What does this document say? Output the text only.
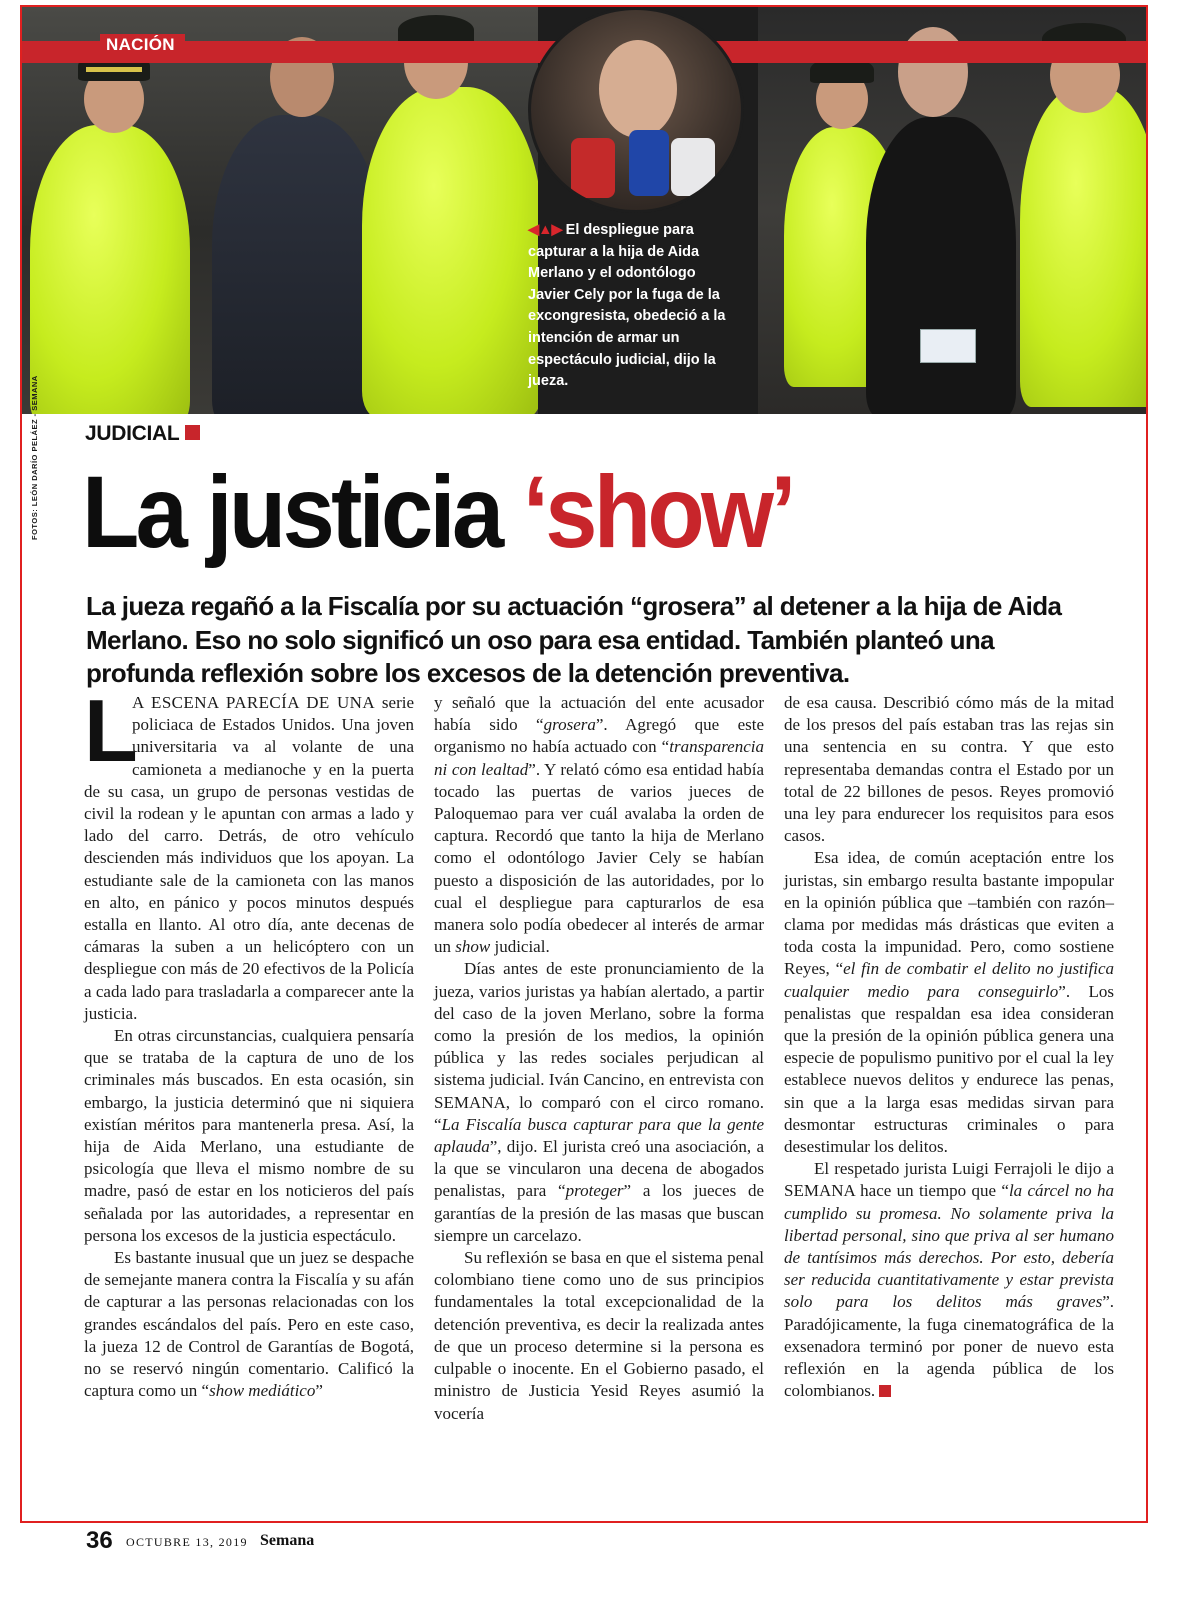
NACIÓN
◀▲▶ El despliegue para capturar a la hija de Aida Merlano y el odontólogo Javier Cely por la fuga de la excongresista, obedeció a la intención de armar un espectáculo judicial, dijo la jueza.
FOTOS: LEÓN DARÍO PELÁEZ - SEMANA JUDICIAL
La justicia ‘show’
La jueza regañó a la Fiscalía por su actuación “grosera” al detener a la hija de Aida Merlano. Eso no solo significó un oso para esa entidad. También planteó una profunda reflexión sobre los excesos de la detención preventiva.

L
A ESCENA PARECÍA DE UNA serie policiaca de Estados Unidos. Una joven universitaria va al volante de una camioneta a medianoche y en la puerta de su casa, un grupo de personas vestidas de civil la rodean y le apuntan con armas a lado y lado del carro. Detrás, de otro vehículo descienden más individuos que los apoyan. La estudiante sale de la camioneta con las manos en alto, en pánico y pocos minutos después estalla en llanto. Al otro día, ante decenas de cámaras la suben a un helicóptero con un despliegue con más de 20 efectivos de la Policía a cada lado para trasladarla a comparecer ante la justicia.

En otras circunstancias, cualquiera pensaría que se trataba de la captura de uno de los criminales más buscados. En esta ocasión, sin embargo, la justicia determinó que ni siquiera existían méritos para mantenerla presa. Así, la hija de Aida Merlano, una estudiante de psicología que lleva el mismo nombre de su madre, pasó de estar en los noticieros del país señalada por las autoridades, a representar en persona los excesos de la justicia espectáculo.

Es bastante inusual que un juez se despache de semejante manera contra la Fiscalía y su afán de capturar a las personas relacionadas con los grandes escándalos del país. Pero en este caso, la jueza 12 de Control de Garantías de Bogotá, no se reservó ningún comentario. Calificó la captura como un “show mediático”

y señaló que la actuación del ente acusador había sido “grosera”. Agregó que este organismo no había actuado con “transparencia ni con lealtad”. Y relató cómo esa entidad había tocado las puertas de varios jueces de Paloquemao para ver cuál avalaba la orden de captura. Recordó que tanto la hija de Merlano como el odontólogo Javier Cely se habían puesto a disposición de las autoridades, por lo cual el despliegue para capturarlos de esa manera solo podía obedecer al interés de armar un show judicial.

Días antes de este pronunciamiento de la jueza, varios juristas ya habían alertado, a partir del caso de la joven Merlano, sobre la forma como la presión de los medios, la opinión pública y las redes sociales perjudican al sistema judicial. Iván Cancino, en entrevista con SEMANA, lo comparó con el circo romano. “La Fiscalía busca capturar para que la gente aplauda”, dijo. El jurista creó una asociación, a la que se vincularon una decena de abogados penalistas, para “proteger” a los jueces de garantías de la presión de las masas que buscan siempre un carcelazo.

Su reflexión se basa en que el sistema penal colombiano tiene como uno de sus principios fundamentales la total excepcionalidad de la detención preventiva, es decir la realizada antes de que un proceso determine si la persona es culpable o inocente. En el Gobierno pasado, el ministro de Justicia Yesid Reyes asumió la vocería

de esa causa. Describió cómo más de la mitad de los presos del país estaban tras las rejas sin una sentencia en su contra. Y que esto representaba demandas contra el Estado por un total de 22 billones de pesos. Reyes promovió una ley para endurecer los requisitos para esos casos.

Esa idea, de común aceptación entre los juristas, sin embargo resulta bastante impopular en la opinión pública que –también con razón– clama por medidas más drásticas que eviten a toda costa la impunidad. Pero, como sostiene Reyes, “el fin de combatir el delito no justifica cualquier medio para conseguirlo”. Los penalistas que respaldan esa idea consideran que la presión de la opinión pública genera una especie de populismo punitivo por el cual la ley establece nuevos delitos y endurece las penas, sin que a la larga esas medidas sirvan para desmontar estructuras criminales o para desestimular los delitos.

El respetado jurista Luigi Ferrajoli le dijo a SEMANA hace un tiempo que “la cárcel no ha cumplido su promesa. No solamente priva la libertad personal, sino que priva al ser humano de tantísimos más derechos. Por esto, debería ser reducida cuantitativamente y estar prevista solo para los delitos más graves”. Paradójicamente, la fuga cinematográfica de la exsenadora terminó por poner de nuevo esta reflexión en la agenda pública de los colombianos.

36 OCTUBRE 13, 2019 Semana
